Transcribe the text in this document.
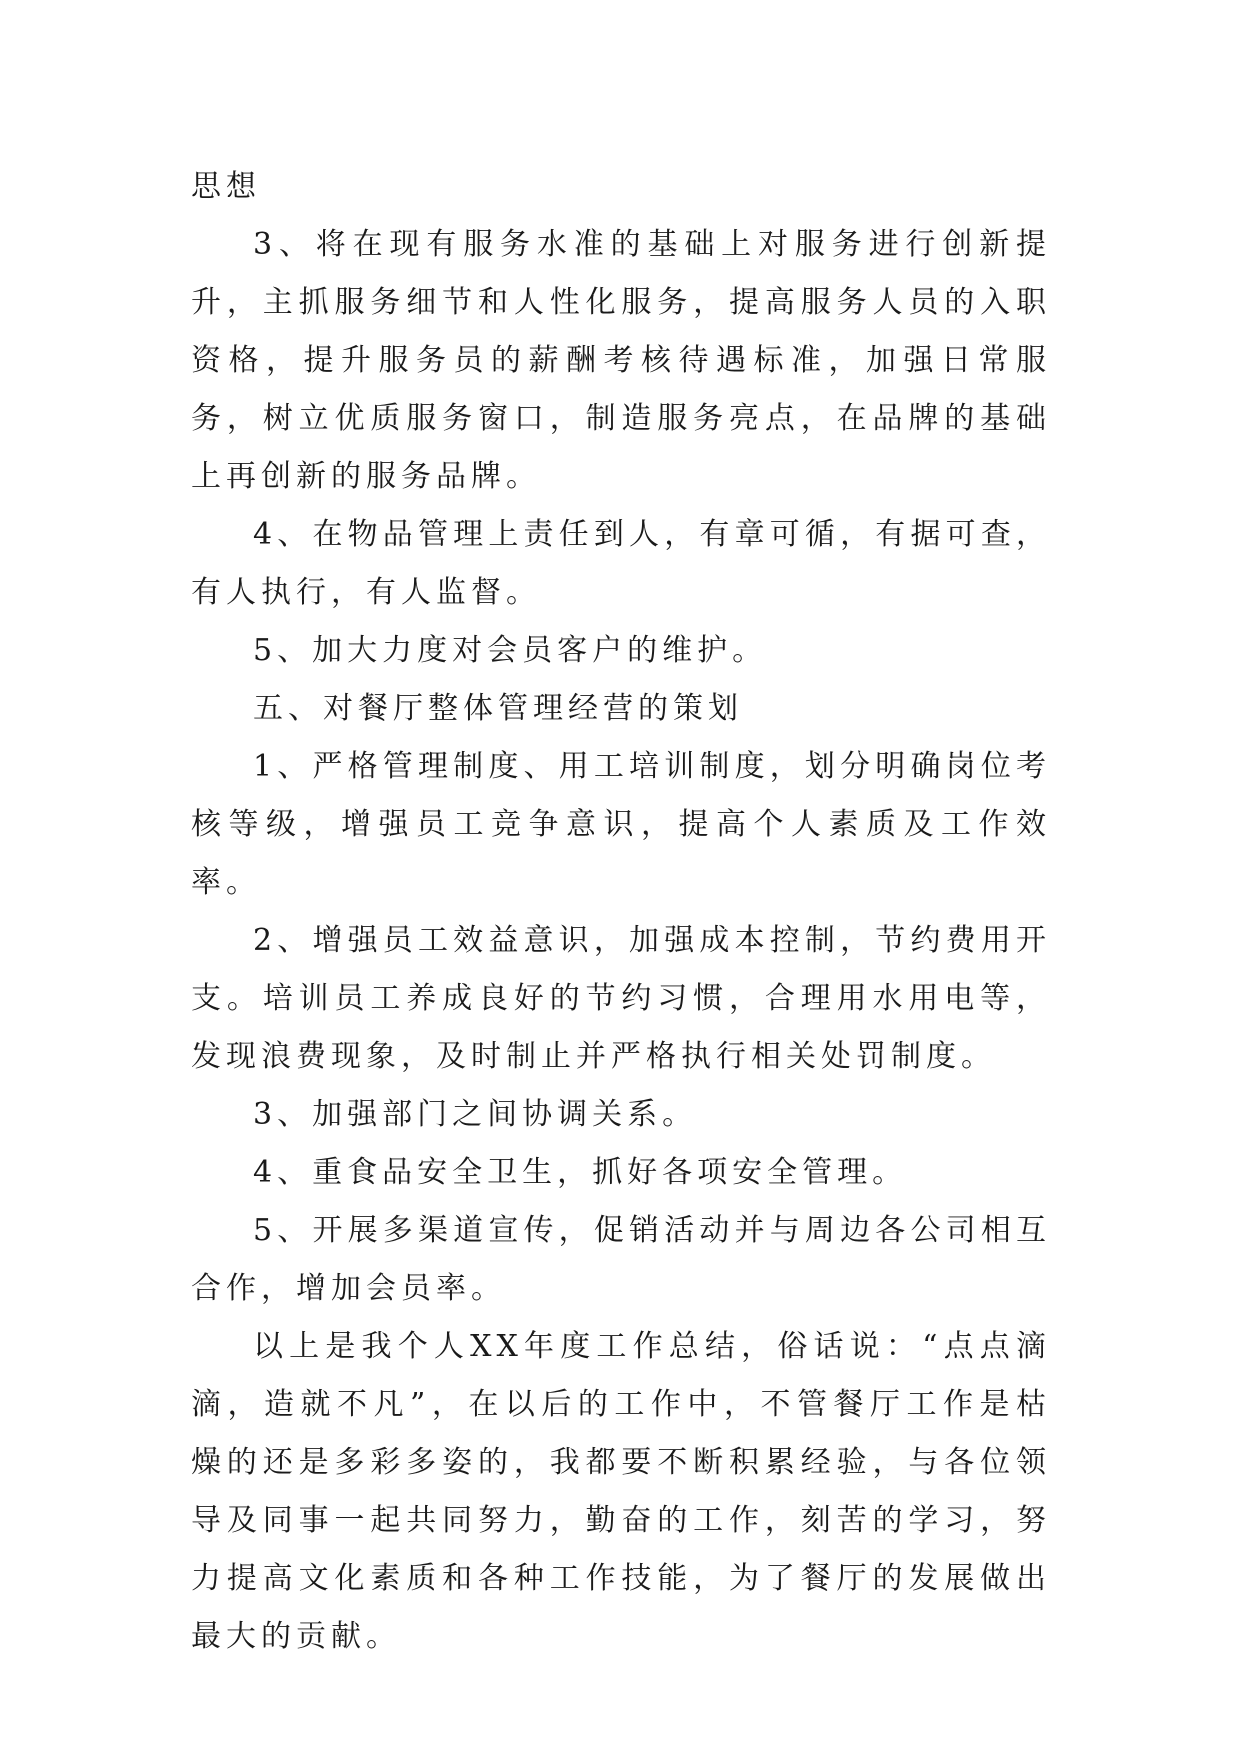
思想

3、将在现有服务水准的基础上对服务进行创新提升，主抓服务细节和人性化服务，提高服务人员的入职资格，提升服务员的薪酬考核待遇标准，加强日常服务，树立优质服务窗口，制造服务亮点，在品牌的基础上再创新的服务品牌。

4、在物品管理上责任到人，有章可循，有据可查，有人执行，有人监督。

5、加大力度对会员客户的维护。

五、对餐厅整体管理经营的策划

1、严格管理制度、用工培训制度，划分明确岗位考核等级，增强员工竞争意识，提高个人素质及工作效率。

2、增强员工效益意识，加强成本控制，节约费用开支。培训员工养成良好的节约习惯，合理用水用电等，发现浪费现象，及时制止并严格执行相关处罚制度。

3、加强部门之间协调关系。

4、重食品安全卫生，抓好各项安全管理。

5、开展多渠道宣传，促销活动并与周边各公司相互合作，增加会员率。

以上是我个人XX年度工作总结，俗话说：“点点滴滴，造就不凡”，在以后的工作中，不管餐厅工作是枯燥的还是多彩多姿的，我都要不断积累经验，与各位领导及同事一起共同努力，勤奋的工作，刻苦的学习，努力提高文化素质和各种工作技能，为了餐厅的发展做出最大的贡献。
